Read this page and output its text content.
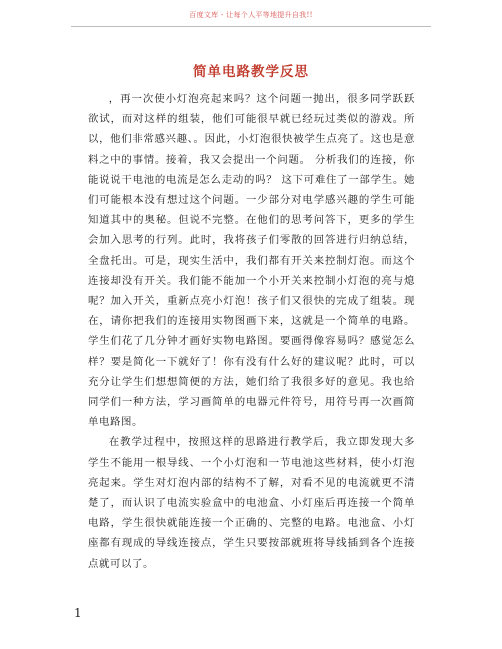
百度文库 - 让每个人平等地提升自我!!
简单电路教学反思

，再一次使小灯泡亮起来吗？这个问题一抛出，很多同学跃跃欲试，而对这样的组装，他们可能很早就已经玩过类似的游戏。所以，他们非常感兴趣、。因此，小灯泡很快被学生点亮了。这也是意料之中的事情。接着，我又会提出一个问题。 分析我们的连接，你能说说干电池的电流是怎么走动的吗？ 这下可难住了一部学生。她们可能根本没有想过这个问题。一少部分对电学感兴趣的学生可能知道其中的奥秘。但说不完整。在他们的思考问答下，更多的学生会加入思考的行列。此时，我将孩子们零散的回答进行归纳总结，全盘托出。可是，现实生活中，我们都有开关来控制灯泡。而这个连接却没有开关。我们能不能加一个小开关来控制小灯泡的亮与熄呢？加入开关，重新点亮小灯泡！孩子们又很快的完成了组装。现在，请你把我们的连接用实物图画下来，这就是一个简单的电路。学生们花了几分钟才画好实物电路图。要画得像容易吗？感觉怎么样？要是简化一下就好了！你有没有什么好的建议呢？此时，可以充分让学生们想想简便的方法，她们给了我很多好的意见。我也给同学们一种方法，学习画简单的电器元件符号，用符号再一次画简单电路图。

在教学过程中，按照这样的思路进行教学后，我立即发现大多学生不能用一根导线、一个小灯泡和一节电池这些材料，使小灯泡亮起来。学生对灯泡内部的结构不了解，对看不见的电流就更不清楚了，而认识了电流实验盒中的电池盒、小灯座后再连接一个简单电路，学生很快就能连接一个正确的、完整的电路。电池盒、小灯座都有现成的导线连接点，学生只要按部就班将导线插到各个连接点就可以了。

1
